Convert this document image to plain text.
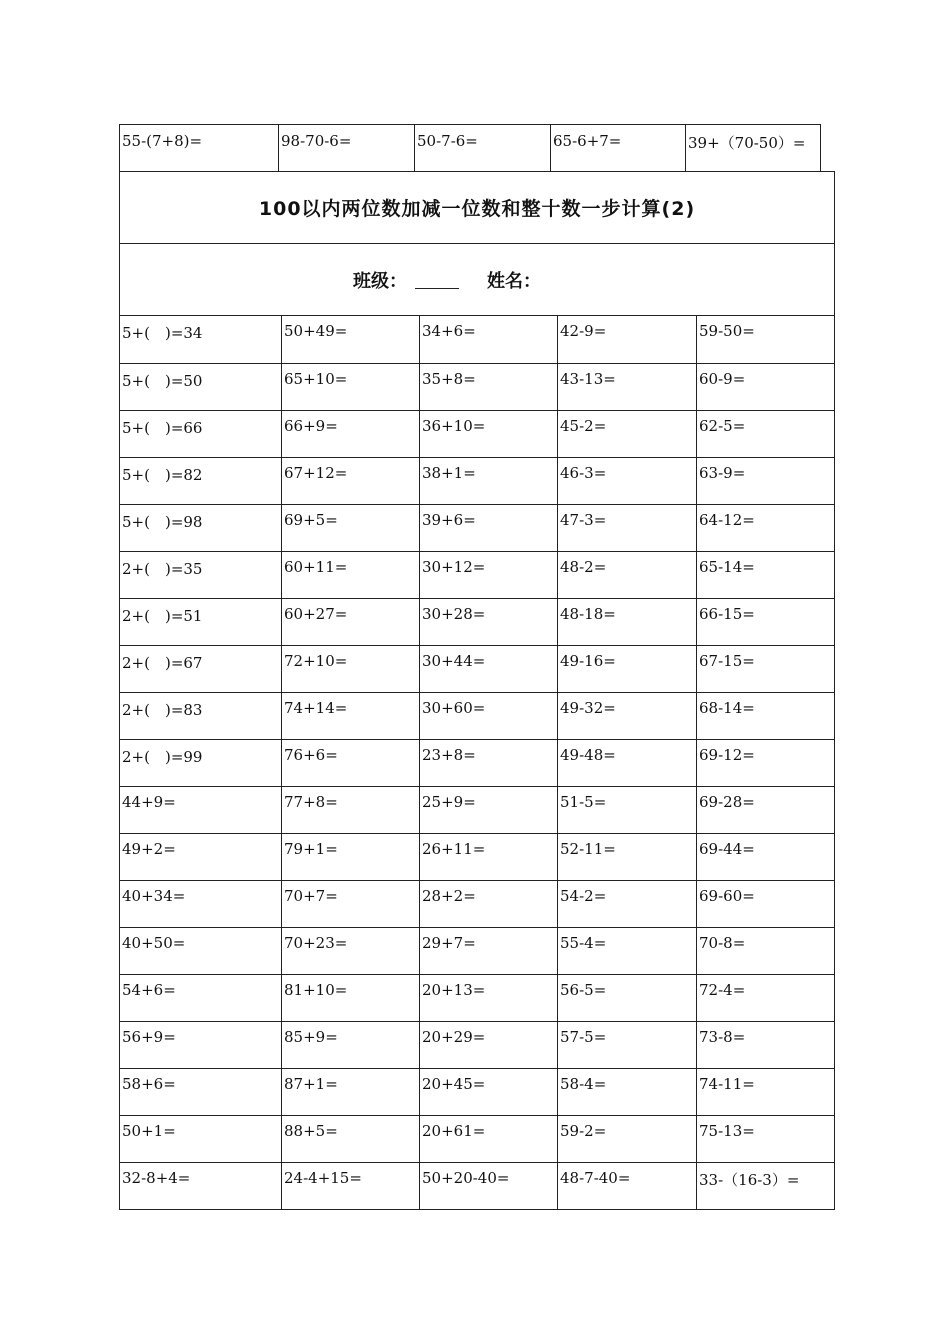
55-(7+8)=	98-70-6=	50-7-6=	65-6+7=	39+（70-50）=
100以内两位数加减一位数和整十数一步计算(2)
班级：	姓名：
5+(　)=34	50+49=	34+6=	42-9=	59-50=
5+(　)=50	65+10=	35+8=	43-13=	60-9=
5+(　)=66	66+9=	36+10=	45-2=	62-5=
5+(　)=82	67+12=	38+1=	46-3=	63-9=
5+(　)=98	69+5=	39+6=	47-3=	64-12=
2+(　)=35	60+11=	30+12=	48-2=	65-14=
2+(　)=51	60+27=	30+28=	48-18=	66-15=
2+(　)=67	72+10=	30+44=	49-16=	67-15=
2+(　)=83	74+14=	30+60=	49-32=	68-14=
2+(　)=99	76+6=	23+8=	49-48=	69-12=
44+9=	77+8=	25+9=	51-5=	69-28=
49+2=	79+1=	26+11=	52-11=	69-44=
40+34=	70+7=	28+2=	54-2=	69-60=
40+50=	70+23=	29+7=	55-4=	70-8=
54+6=	81+10=	20+13=	56-5=	72-4=
56+9=	85+9=	20+29=	57-5=	73-8=
58+6=	87+1=	20+45=	58-4=	74-11=
50+1=	88+5=	20+61=	59-2=	75-13=
32-8+4=	24-4+15=	50+20-40=	48-7-40=	33-（16-3）=
